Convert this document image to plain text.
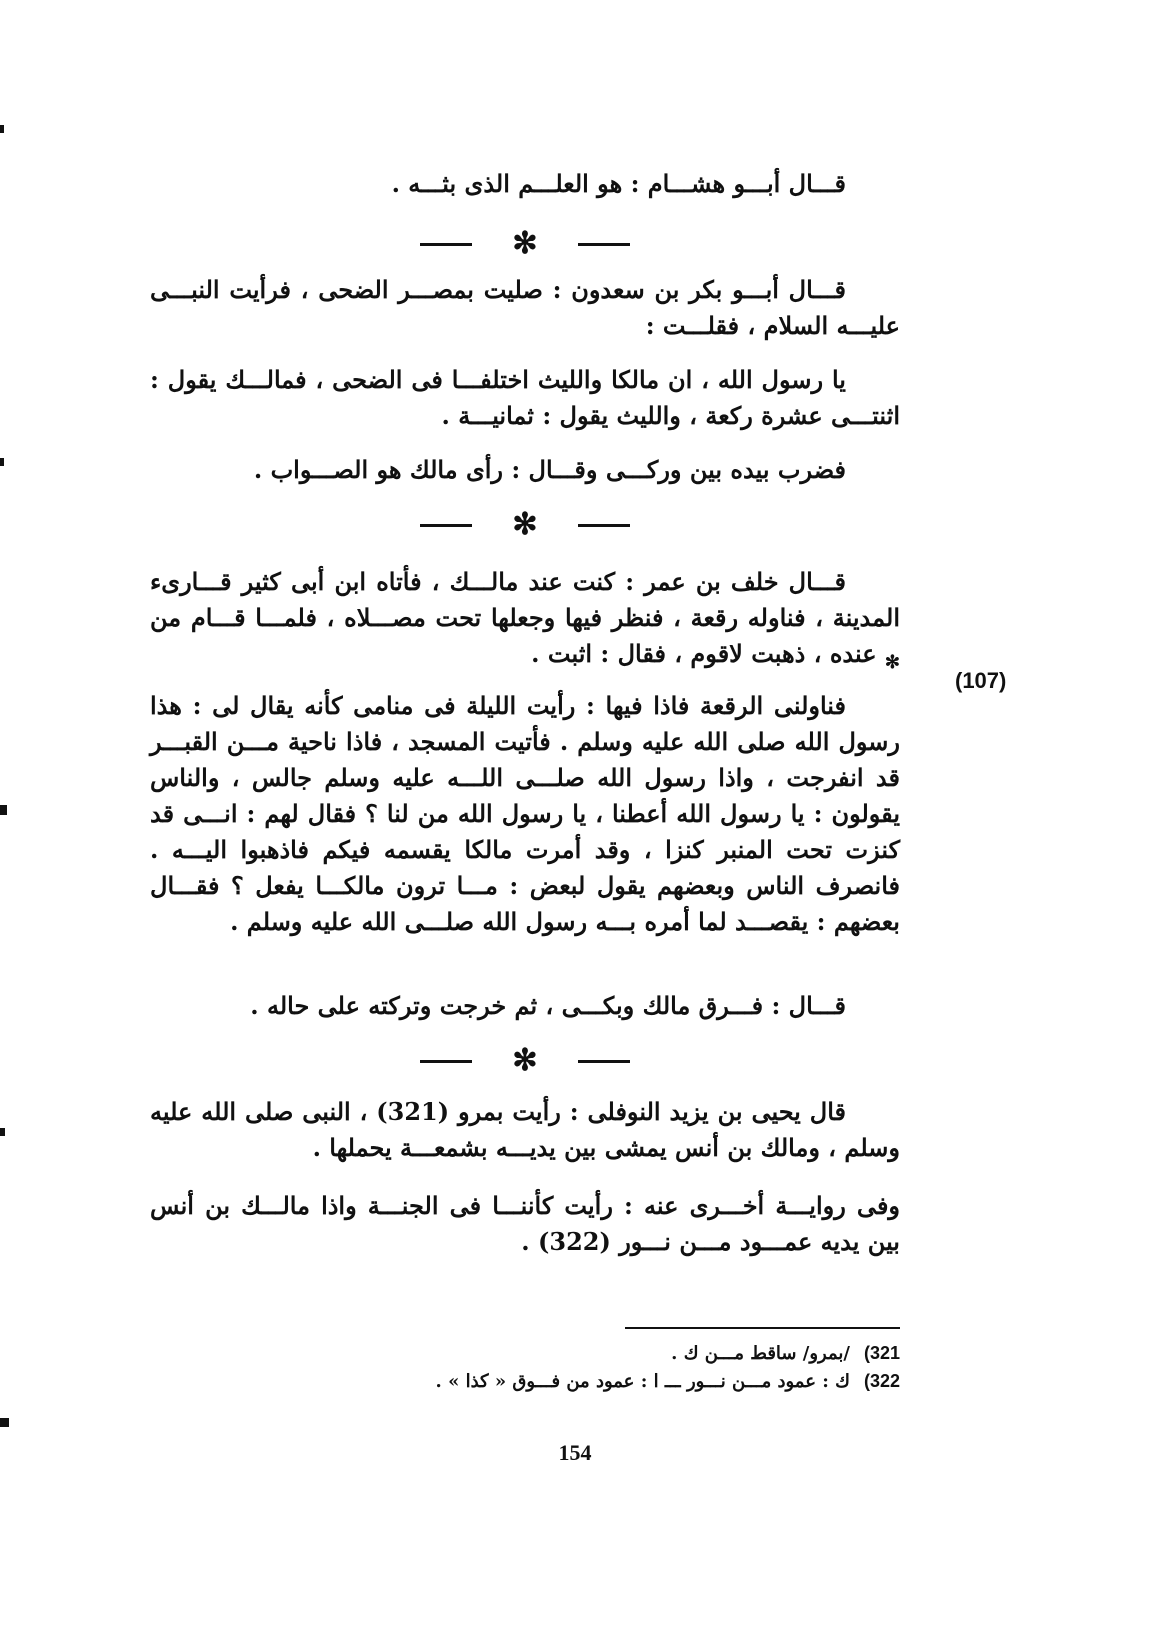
قـــال أبـــو هشـــام : هو العلـــم الذى بثـــه .
✻
قـــال أبـــو بكر بن سعدون : صليت بمصـــر الضحى ، فرأيت النبـــى عليـــه السلام ، فقلـــت :
يا رسول الله ، ان مالكا والليث اختلفـــا فى الضحى ، فمالـــك يقول : اثنتـــى عشرة ركعة ، والليث يقول : ثمانيـــة .
فضرب بيده بين وركـــى وقـــال : رأى مالك هو الصـــواب .
✻
قـــال خلف بن عمر : كنت عند مالـــك ، فأتاه ابن أبى كثير قـــارىء المدينة ، فناوله رقعة ، فنظر فيها وجعلها تحت مصـــلاه ، فلمـــا قـــام من $_✻$ عنده ، ذهبت لاقوم ، فقال : اثبت .
(107)
فناولنى الرقعة فاذا فيها : رأيت الليلة فى منامى كأنه يقال لى : هذا رسول الله صلى الله عليه وسلم . فأتيت المسجد ، فاذا ناحية مـــن القبـــر قد انفرجت ، واذا رسول الله صلـــى اللـــه عليه وسلم جالس ، والناس يقولون : يا رسول الله أعطنا ، يا رسول الله من لنا ؟ فقال لهم : انـــى قد كنزت تحت المنبر كنزا ، وقد أمرت مالكا يقسمه فيكم فاذهبوا اليـــه . فانصرف الناس وبعضهم يقول لبعض : مـــا ترون مالكـــا يفعل ؟ فقـــال بعضهم : يقصـــد لما أمره بـــه رسول الله صلـــى الله عليه وسلم .
قـــال : فـــرق مالك وبكـــى ، ثم خرجت وتركته على حاله .
✻
قال يحيى بن يزيد النوفلى : رأيت بمرو (321) ، النبى صلى الله عليه وسلم ، ومالك بن أنس يمشى بين يديـــه بشمعـــة يحملها .
وفى روايـــة أخـــرى عنه : رأيت كأننـــا فى الجنـــة واذا مالـــك بن أنس بين يديه عمـــود مـــن نـــور (322) .
321)/بمرو/ ساقط مـــن ك .
322)ك : عمود مـــن نـــور ـــ ا : عمود من فـــوق « كذا » .
154
